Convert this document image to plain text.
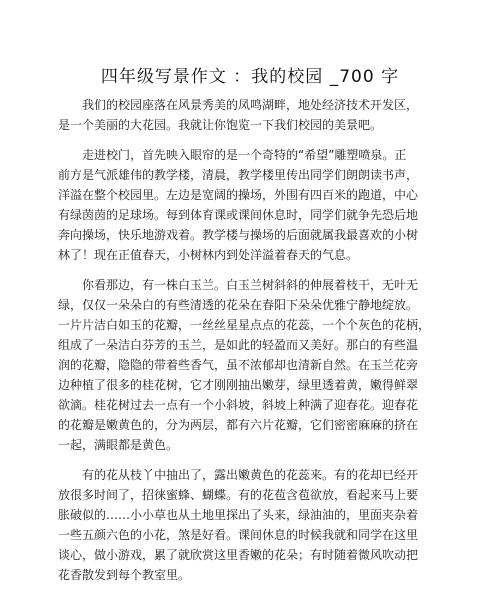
四年级写景作文 ：我的校园 _700 字
我们的校园座落在风景秀美的凤鸣湖畔，地处经济技术开发区，
是一个美丽的大花园。我就让你饱览一下我们校园的美景吧。
走进校门，首先映入眼帘的是一个奇特的“希望”雕塑喷泉。正
前方是气派雄伟的教学楼，清晨，教学楼里传出同学们朗朗读书声，
洋溢在整个校园里。左边是宽阔的操场，外围有四百米的跑道，中心
有绿茵茵的足球场。每到体育课或课间休息时，同学们就争先恐后地
奔向操场，快乐地游戏着。教学楼与操场的后面就属我最喜欢的小树
林了！现在正值春天，小树林内到处洋溢着春天的气息。
你看那边，有一株白玉兰。白玉兰树斜斜的伸展着枝干，无叶无
绿，仅仅一朵朵白的有些清透的花朵在春阳下朵朵优雅宁静地绽放。
一片片洁白如玉的花瓣，一丝丝星星点点的花蕊，一个个灰色的花柄，
组成了一朵洁白芬芳的玉兰，是如此的轻盈而又美好。那白的有些温
润的花瓣，隐隐的带着些香气，虽不浓郁却也清新自然。在玉兰花旁
边种植了很多的桂花树，它才刚刚抽出嫩芽，绿里透着黄，嫩得鲜翠
欲滴。桂花树过去一点有一个小斜坡，斜坡上种满了迎春花。迎春花
的花瓣是嫩黄色的，分为两层，都有六片花瓣，它们密密麻麻的挤在
一起，满眼都是黄色。
有的花从枝丫中抽出了，露出嫩黄色的花蕊来。有的花却已经开
放很多时间了，招徕蜜蜂、蝴蝶。有的花苞含苞欲放，看起来马上要
胀破似的……小小草也从土地里探出了头来，绿油油的，里面夹杂着
一些五颜六色的小花，煞是好看。课间休息的时候我就和同学在这里
谈心，做小游戏，累了就欣赏这里香嫩的花朵；有时随着微风吹动把
花香散发到每个教室里。
